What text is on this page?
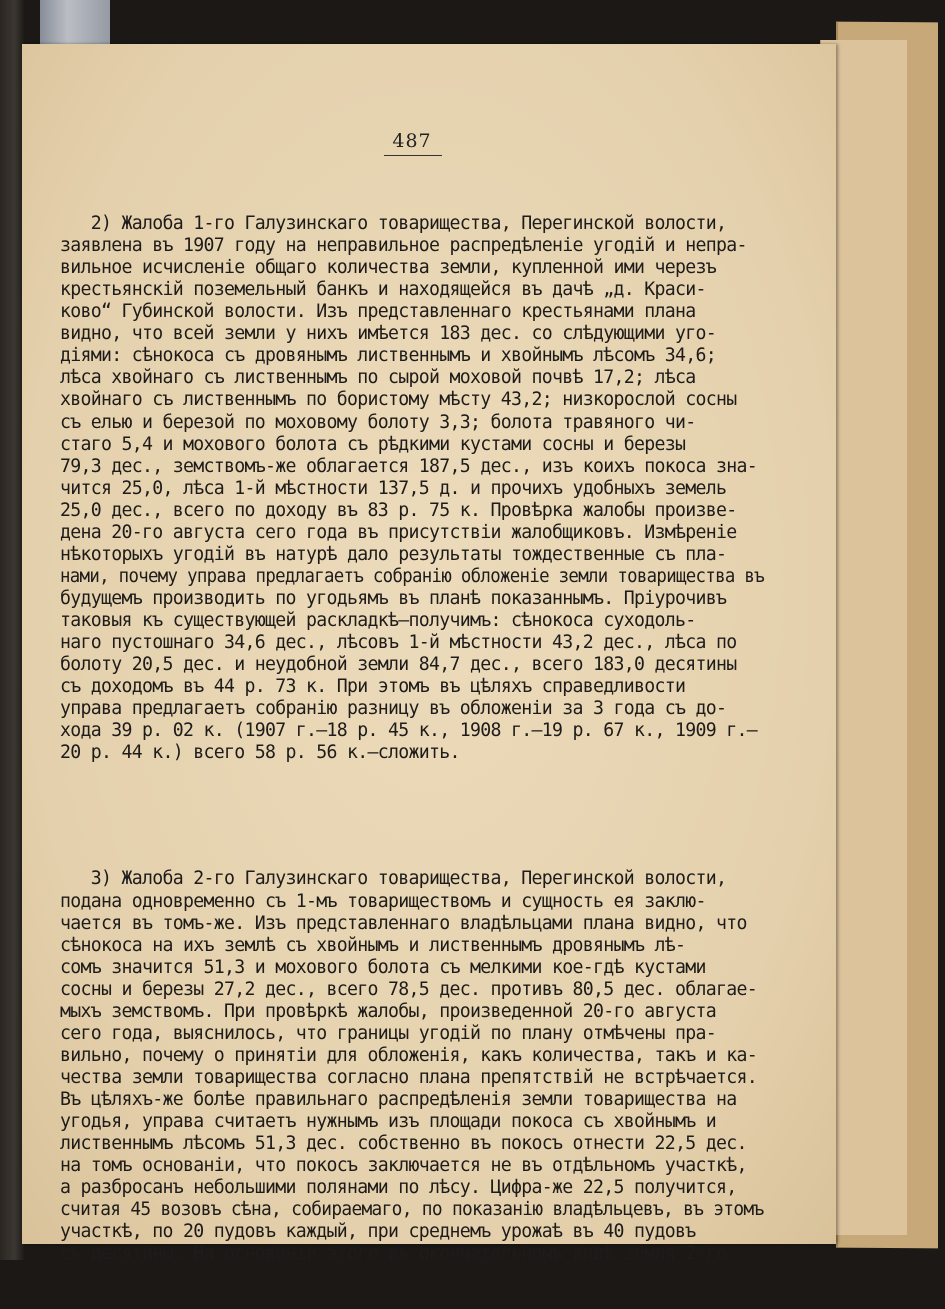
487

2) Жалоба 1-го Галузинскаго товарищества, Перегинской волости,
заявлена въ 1907 году на неправильное распредѣленіе угодій и непра-
вильное исчисленіе общаго количества земли, купленной ими черезъ
крестьянскій поземельный банкъ и находящейся въ дачѣ „д. Краси-
ково“ Губинской волости. Изъ представленнаго крестьянами плана
видно, что всей земли у нихъ имѣется 183 дес. со слѣдующими уго-
діями: сѣнокоса съ дровянымъ лиственнымъ и хвойнымъ лѣсомъ 34,6;
лѣса хвойнаго съ лиственнымъ по сырой моховой почвѣ 17,2; лѣса
хвойнаго съ лиственнымъ по бористому мѣсту 43,2; низкорослой сосны
съ елью и березой по моховому болоту 3,3; болота травяного чи-
стаго 5,4 и мохового болота съ рѣдкими кустами сосны и березы
79,3 дес., земствомъ-же облагается 187,5 дес., изъ коихъ покоса зна-
чится 25,0, лѣса 1-й мѣстности 137,5 д. и прочихъ удобныхъ земель
25,0 дес., всего по доходу въ 83 р. 75 к. Провѣрка жалобы произве-
дена 20-го августа сего года въ присутствіи жалобщиковъ. Измѣреніе
нѣкоторыхъ угодій въ натурѣ дало результаты тождественные съ пла-
нами, почему управа предлагаетъ собранію обложеніе земли товарищества въ
будущемъ производить по угодьямъ въ планѣ показаннымъ. Пріурочивъ
таковыя къ существующей раскладкѣ—получимъ: сѣнокоса суходоль-
наго пустошнаго 34,6 дес., лѣсовъ 1-й мѣстности 43,2 дес., лѣса по
болоту 20,5 дес. и неудобной земли 84,7 дес., всего 183,0 десятины
съ доходомъ въ 44 р. 73 к. При этомъ въ цѣляхъ справедливости
управа предлагаетъ собранію разницу въ обложеніи за 3 года съ до-
хода 39 р. 02 к. (1907 г.—18 р. 45 к., 1908 г.—19 р. 67 к., 1909 г.—
20 р. 44 к.) всего 58 р. 56 к.—сложить.

3) Жалоба 2-го Галузинскаго товарищества, Перегинской волости,
подана одновременно съ 1-мъ товариществомъ и сущность ея заклю-
чается въ томъ-же. Изъ представленнаго владѣльцами плана видно, что
сѣнокоса на ихъ землѣ съ хвойнымъ и лиственнымъ дровянымъ лѣ-
сомъ значится 51,3 и мохового болота съ мелкими кое-гдѣ кустами
сосны и березы 27,2 дес., всего 78,5 дес. противъ 80,5 дес. облагае-
мыхъ земствомъ. При провѣркѣ жалобы, произведенной 20-го августа
сего года, выяснилось, что границы угодій по плану отмѣчены пра-
вильно, почему о принятіи для обложенія, какъ количества, такъ и ка-
чества земли товарищества согласно плана препятствій не встрѣчается.
Въ цѣляхъ-же болѣе правильнаго распредѣленія земли товарищества на
угодья, управа считаетъ нужнымъ изъ площади покоса съ хвойнымъ и
лиственнымъ лѣсомъ 51,3 дес. собственно въ покосъ отнести 22,5 дес.
на томъ основаніи, что покосъ заключается не въ отдѣльномъ участкѣ,
а разбросанъ небольшими полянами по лѣсу. Цифра-же 22,5 получится,
считая 45 возовъ сѣна, собираемаго, по показанію владѣльцевъ, въ этомъ
участкѣ, по 20 пудовъ каждый, при среднемъ урожаѣ въ 40 пудовъ
съ десятины. На основаніи этого въ окончательномъ видѣ земля 2-го
